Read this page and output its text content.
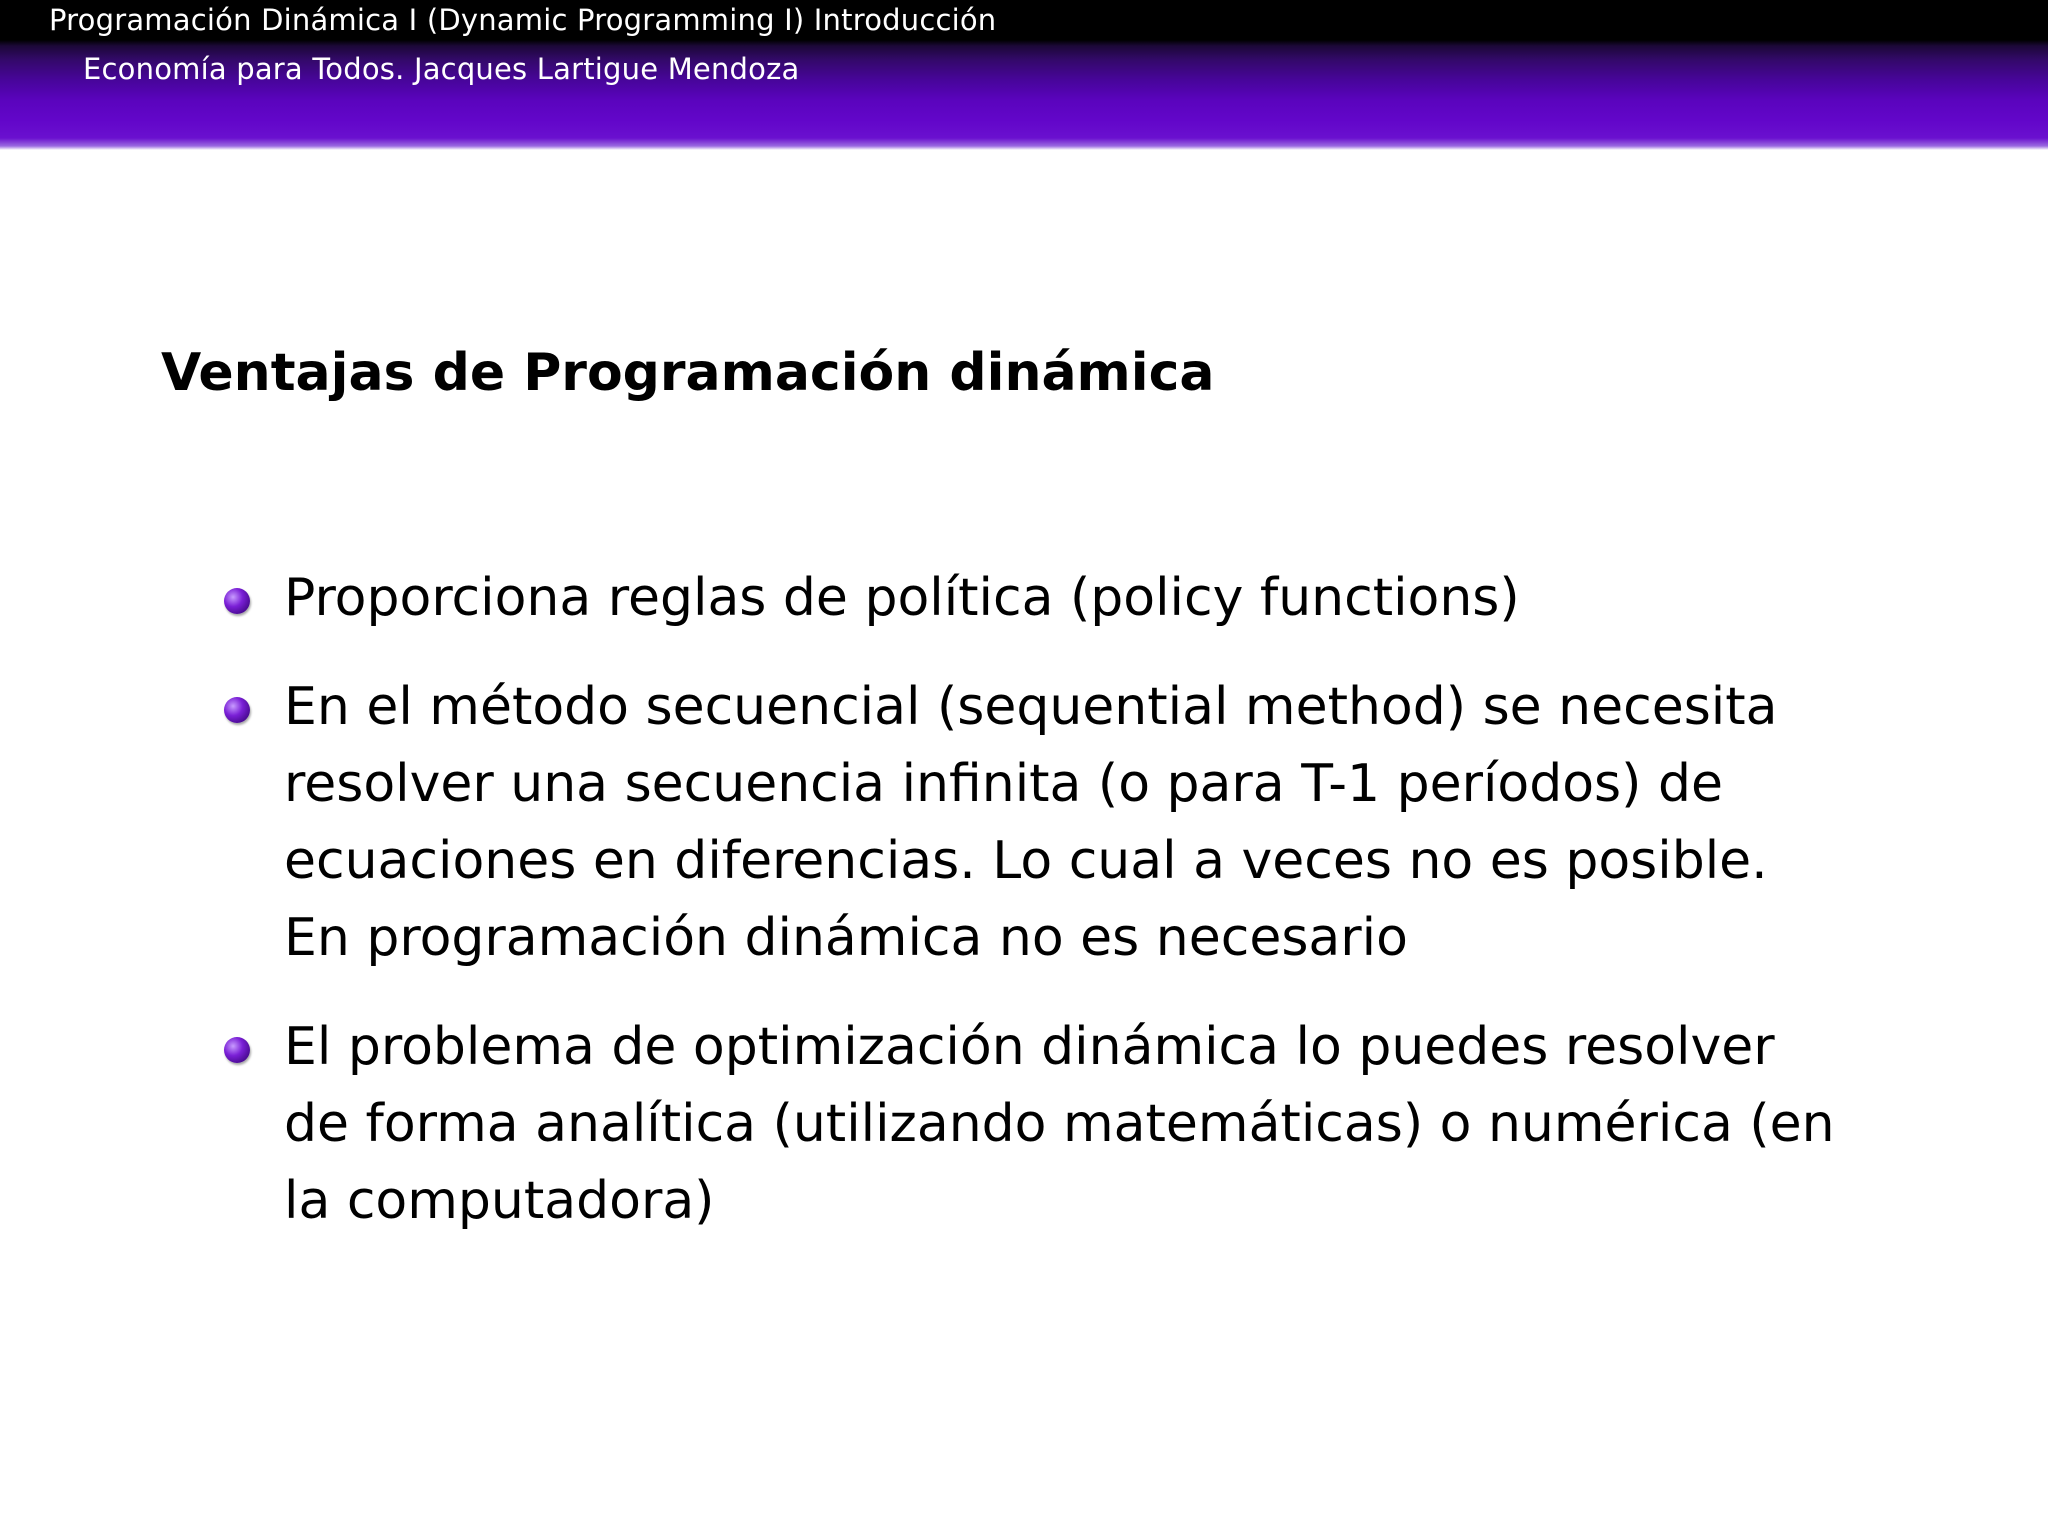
Programación Dinámica I (Dynamic Programming I) Introducción
Economía para Todos. Jacques Lartigue Mendoza
Ventajas de Programación dinámica
Proporciona reglas de política (policy functions)
En el método secuencial (sequential method) se necesita resolver una secuencia infinita (o para T-1 períodos) de ecuaciones en diferencias. Lo cual a veces no es posible. En programación dinámica no es necesario
El problema de optimización dinámica lo puedes resolver de forma analítica (utilizando matemáticas) o numérica (en la computadora)
